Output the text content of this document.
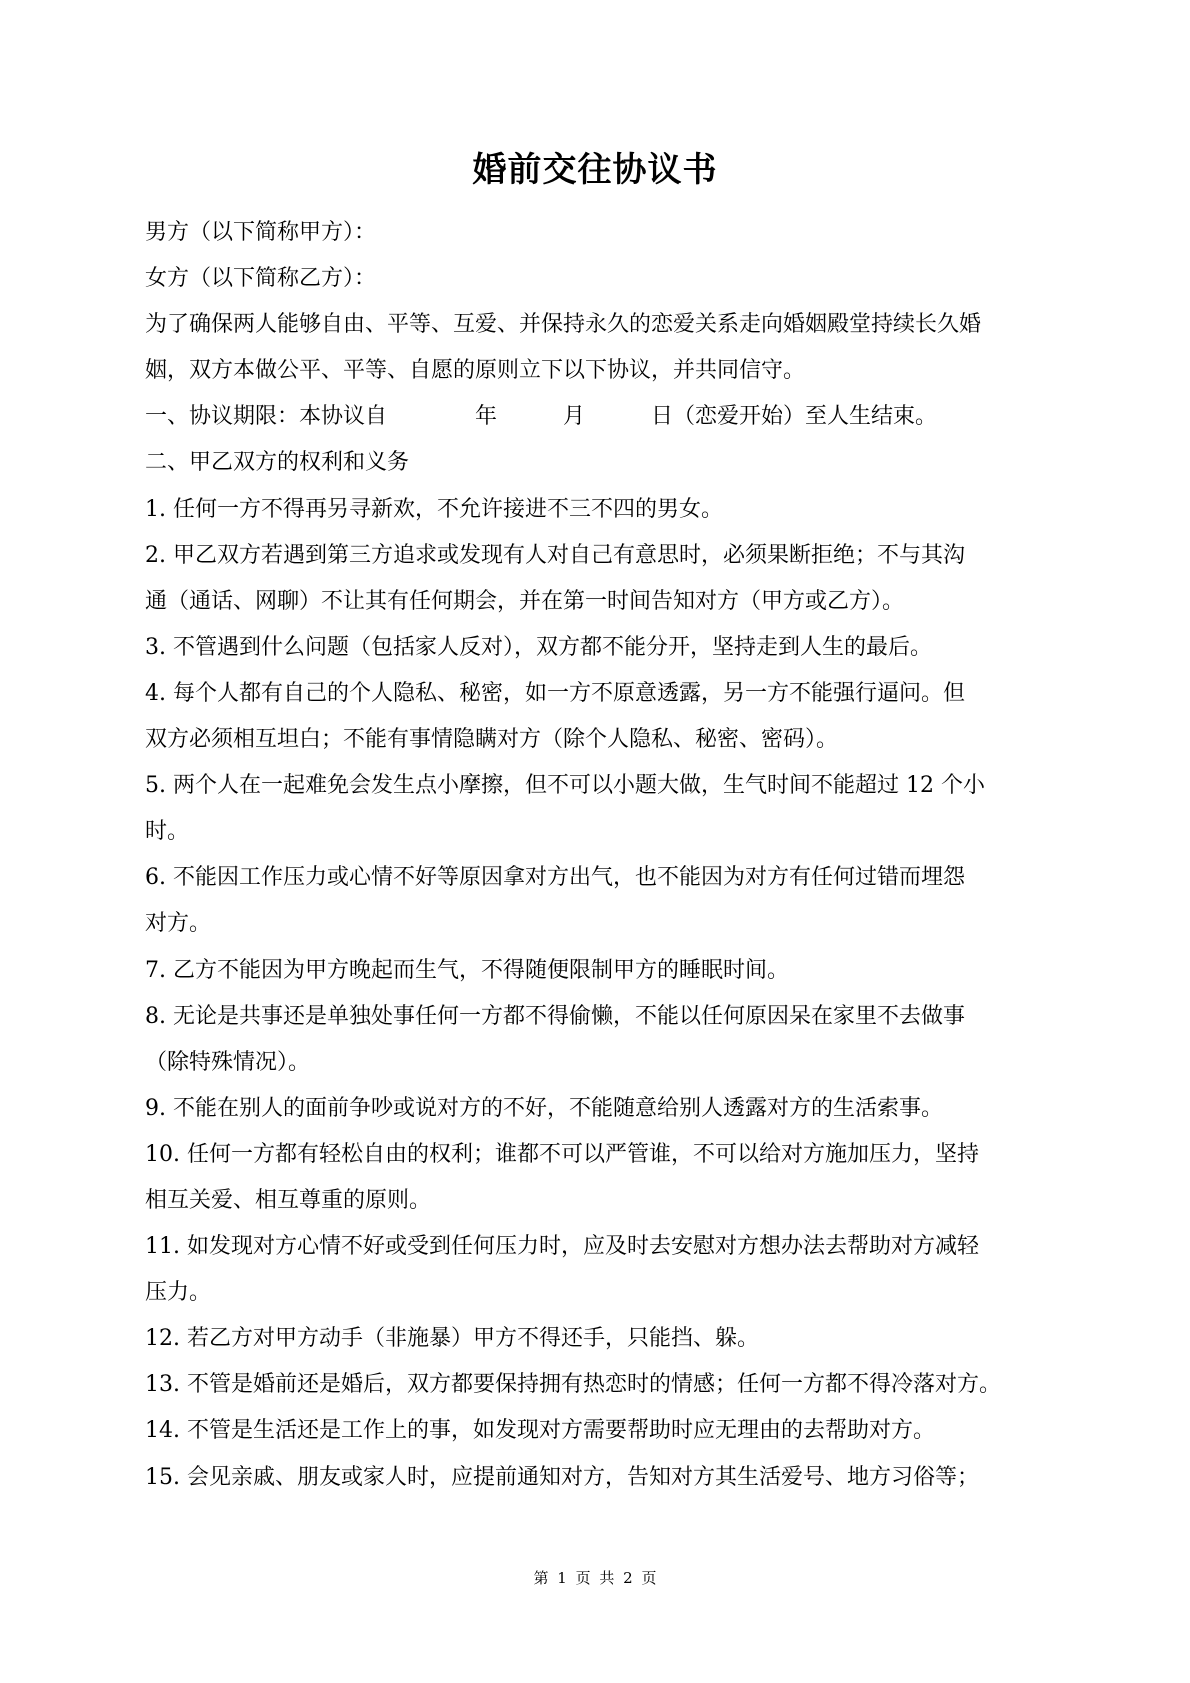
婚前交往协议书
男方（以下简称甲方）：
女方（以下简称乙方）：
为了确保两人能够自由、平等、互爱、并保持永久的恋爱关系走向婚姻殿堂持续长久婚
姻，双方本做公平、平等、自愿的原则立下以下协议，并共同信守。
一、协议期限：本协议自　　　　年　　　月　　　日（恋爱开始）至人生结束。
二、甲乙双方的权利和义务
1. 任何一方不得再另寻新欢，不允许接进不三不四的男女。
2. 甲乙双方若遇到第三方追求或发现有人对自己有意思时，必须果断拒绝；不与其沟
通（通话、网聊）不让其有任何期会，并在第一时间告知对方（甲方或乙方）。
3. 不管遇到什么问题（包括家人反对），双方都不能分开，坚持走到人生的最后。
4. 每个人都有自己的个人隐私、秘密，如一方不原意透露，另一方不能强行逼问。但
双方必须相互坦白；不能有事情隐瞒对方（除个人隐私、秘密、密码）。
5. 两个人在一起难免会发生点小摩擦，但不可以小题大做，生气时间不能超过 12 个小
时。
6. 不能因工作压力或心情不好等原因拿对方出气，也不能因为对方有任何过错而埋怨
对方。
7. 乙方不能因为甲方晚起而生气，不得随便限制甲方的睡眠时间。
8. 无论是共事还是单独处事任何一方都不得偷懒，不能以任何原因呆在家里不去做事
（除特殊情况）。
9. 不能在别人的面前争吵或说对方的不好，不能随意给别人透露对方的生活索事。
10. 任何一方都有轻松自由的权利；谁都不可以严管谁，不可以给对方施加压力，坚持
相互关爱、相互尊重的原则。
11. 如发现对方心情不好或受到任何压力时，应及时去安慰对方想办法去帮助对方减轻
压力。
12. 若乙方对甲方动手（非施暴）甲方不得还手，只能挡、躲。
13. 不管是婚前还是婚后，双方都要保持拥有热恋时的情感；任何一方都不得冷落对方。
14. 不管是生活还是工作上的事，如发现对方需要帮助时应无理由的去帮助对方。
15. 会见亲戚、朋友或家人时，应提前通知对方，告知对方其生活爱号、地方习俗等；
第 1 页 共 2 页
